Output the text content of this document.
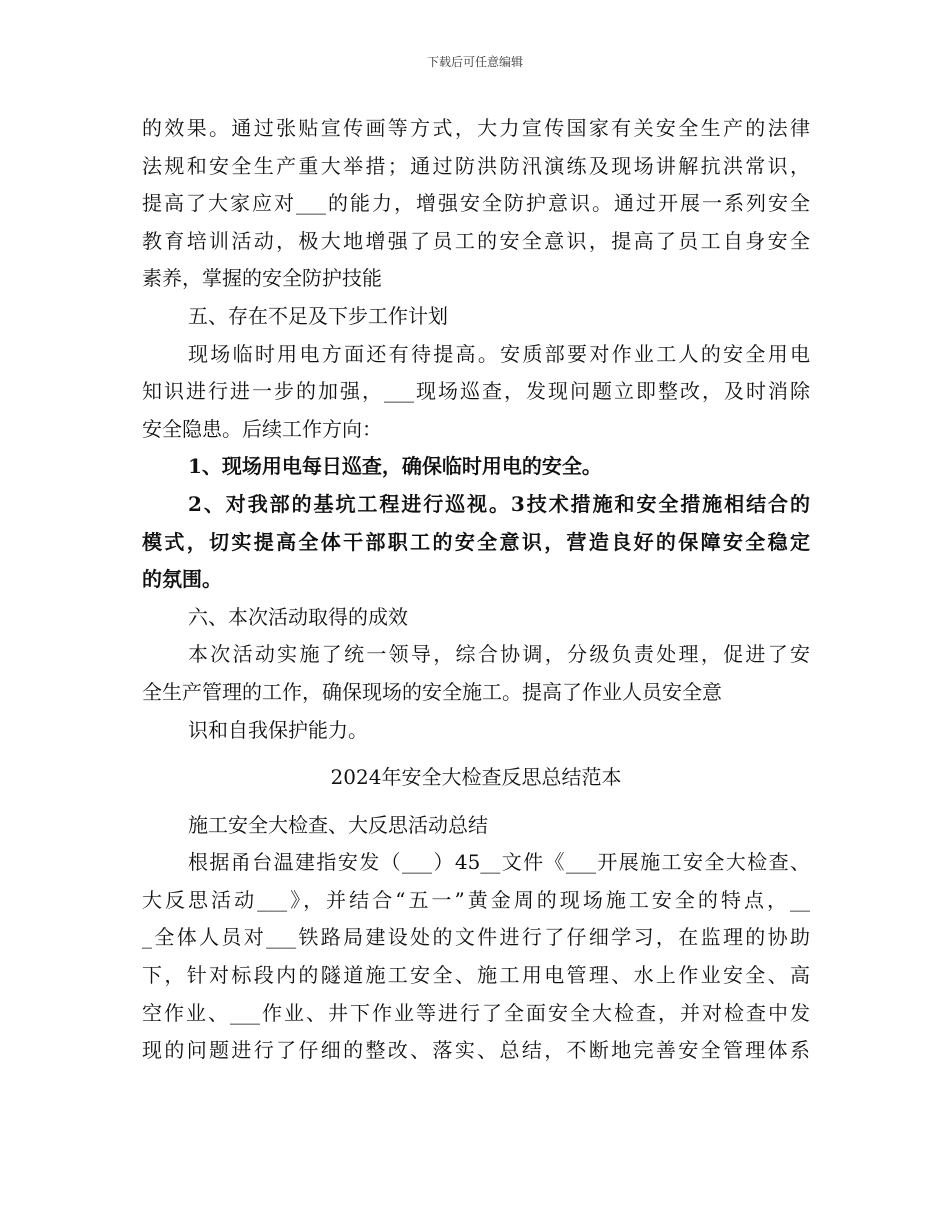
下载后可任意编辑
的效果。通过张贴宣传画等方式，大力宣传国家有关安全生产的法律
法规和安全生产重大举措；通过防洪防汛演练及现场讲解抗洪常识，
提高了大家应对___的能力，增强安全防护意识。通过开展一系列安全
教育培训活动，极大地增强了员工的安全意识，提高了员工自身安全
素养，掌握的安全防护技能
五、存在不足及下步工作计划
现场临时用电方面还有待提高。安质部要对作业工人的安全用电
知识进行进一步的加强，___现场巡查，发现问题立即整改，及时消除
安全隐患。后续工作方向：
1、现场用电每日巡查，确保临时用电的安全。
2、对我部的基坑工程进行巡视。3技术措施和安全措施相结合的
模式，切实提高全体干部职工的安全意识，营造良好的保障安全稳定
的氛围。
六、本次活动取得的成效
本次活动实施了统一领导，综合协调，分级负责处理，促进了安
全生产管理的工作，确保现场的安全施工。提高了作业人员安全意
识和自我保护能力。
2024年安全大检查反思总结范本
施工安全大检查、大反思活动总结
根据甬台温建指安发（___）45__文件《___开展施工安全大检查、
大反思活动___》，并结合“五一”黄金周的现场施工安全的特点，__
_全体人员对___铁路局建设处的文件进行了仔细学习，在监理的协助
下，针对标段内的隧道施工安全、施工用电管理、水上作业安全、高
空作业、___作业、井下作业等进行了全面安全大检查，并对检查中发
现的问题进行了仔细的整改、落实、总结，不断地完善安全管理体系
